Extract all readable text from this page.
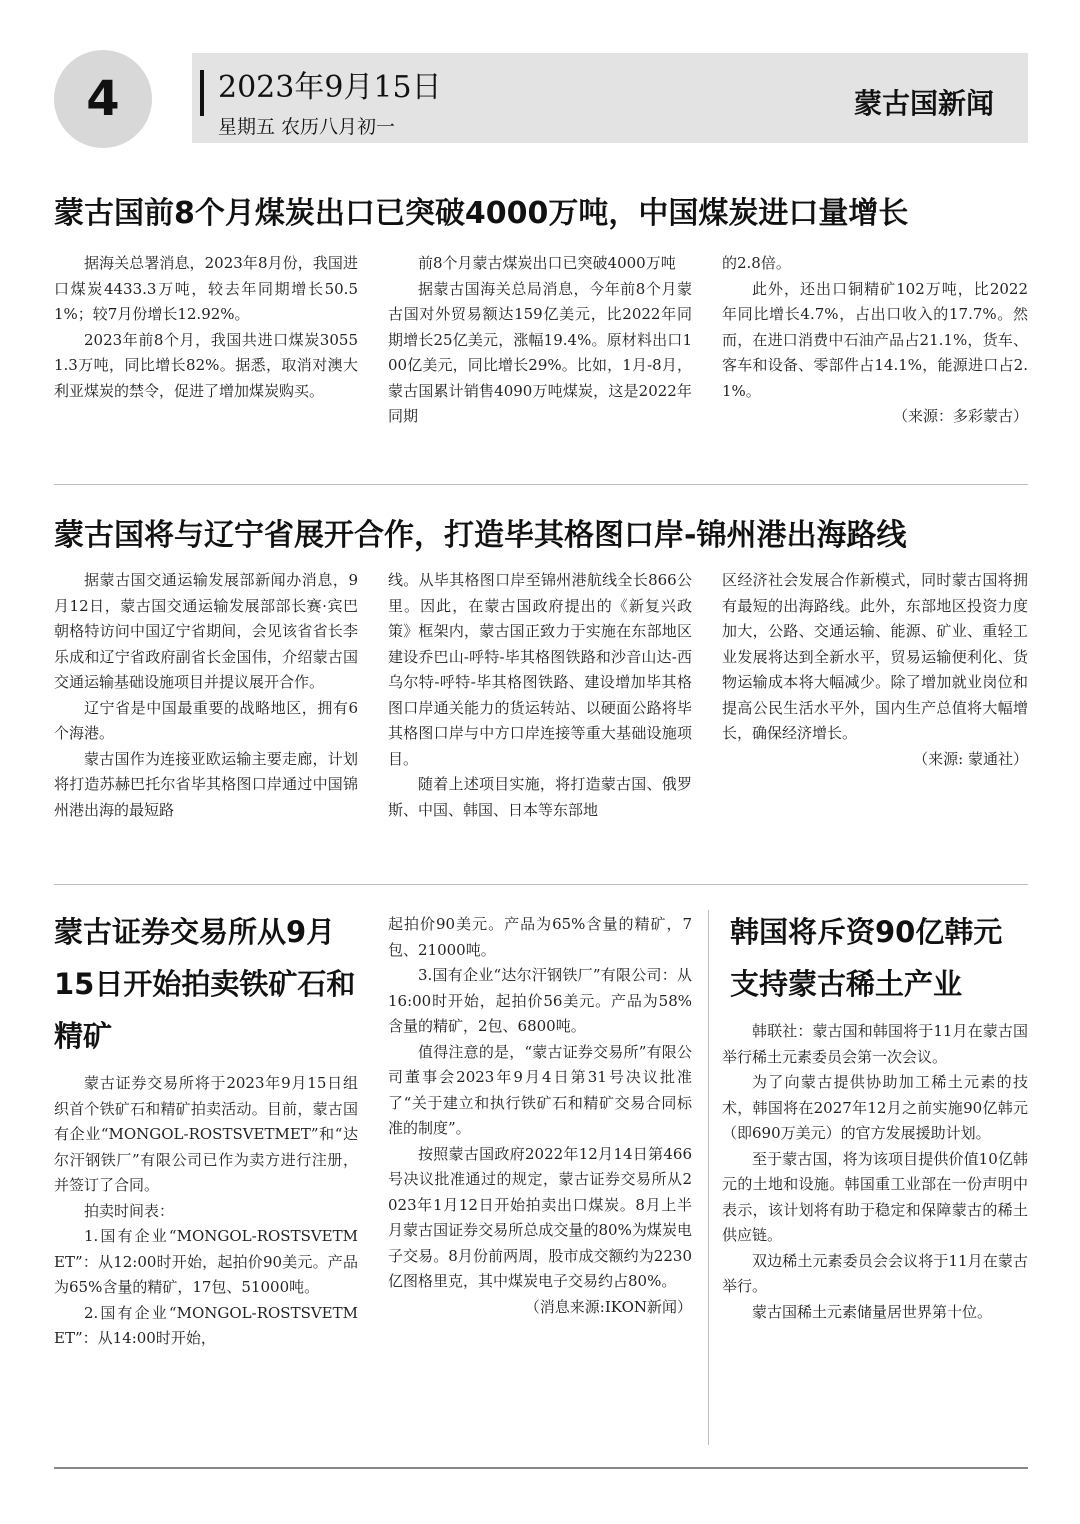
4	2023年9月15日
星期五 农历八月初一
蒙古国新闻
蒙古国前8个月煤炭出口已突破4000万吨，中国煤炭进口量增长

据海关总署消息，2023年8月份，我国进口煤炭4433.3万吨，较去年同期增长50.51%；较7月份增长12.92%。

2023年前8个月，我国共进口煤炭30551.3万吨，同比增长82%。据悉，取消对澳大利亚煤炭的禁令，促进了增加煤炭购买。

前8个月蒙古煤炭出口已突破4000万吨

据蒙古国海关总局消息，今年前8个月蒙古国对外贸易额达159亿美元，比2022年同期增长25亿美元，涨幅19.4%。原材料出口100亿美元，同比增长29%。比如，1月-8月，蒙古国累计销售4090万吨煤炭，这是2022年同期

的2.8倍。

此外，还出口铜精矿102万吨，比2022年同比增长4.7%，占出口收入的17.7%。然而，在进口消费中石油产品占21.1%，货车、客车和设备、零部件占14.1%，能源进口占2.1%。

（来源：多彩蒙古）

蒙古国将与辽宁省展开合作，打造毕其格图口岸-锦州港出海路线

据蒙古国交通运输发展部新闻办消息，9月12日，蒙古国交通运输发展部部长赛·宾巴朝格特访问中国辽宁省期间，会见该省省长李乐成和辽宁省政府副省长金国伟，介绍蒙古国交通运输基础设施项目并提议展开合作。

辽宁省是中国最重要的战略地区，拥有6个海港。

蒙古国作为连接亚欧运输主要走廊，计划将打造苏赫巴托尔省毕其格图口岸通过中国锦州港出海的最短路

线。从毕其格图口岸至锦州港航线全长866公里。因此，在蒙古国政府提出的《新复兴政策》框架内，蒙古国正致力于实施在东部地区建设乔巴山-呼特-毕其格图铁路和沙音山达-西乌尔特-呼特-毕其格图铁路、建设增加毕其格图口岸通关能力的货运转站、以硬面公路将毕其格图口岸与中方口岸连接等重大基础设施项目。

随着上述项目实施，将打造蒙古国、俄罗斯、中国、韩国、日本等东部地

区经济社会发展合作新模式，同时蒙古国将拥有最短的出海路线。此外，东部地区投资力度加大，公路、交通运输、能源、矿业、重轻工业发展将达到全新水平，贸易运输便利化、货物运输成本将大幅减少。除了增加就业岗位和提高公民生活水平外，国内生产总值将大幅增长，确保经济增长。

（来源: 蒙通社）

蒙古证券交易所从9月15日开始拍卖铁矿石和精矿

蒙古证券交易所将于2023年9月15日组织首个铁矿石和精矿拍卖活动。目前，蒙古国有企业“MONGOL-ROSTSVETMET”和“达尔汗钢铁厂”有限公司已作为卖方进行注册，并签订了合同。

拍卖时间表：

1.国有企业“MONGOL-ROSTSVETMET”：从12:00时开始，起拍价90美元。产品为65%含量的精矿，17包、51000吨。

2.国有企业“MONGOL-ROSTSVETMET”：从14:00时开始，

起拍价90美元。产品为65%含量的精矿，7包、21000吨。

3.国有企业“达尔汗钢铁厂”有限公司：从16:00时开始，起拍价56美元。产品为58%含量的精矿，2包、6800吨。

值得注意的是，“蒙古证券交易所”有限公司董事会2023年9月4日第31号决议批准了“关于建立和执行铁矿石和精矿交易合同标准的制度”。

按照蒙古国政府2022年12月14日第466号决议批准通过的规定，蒙古证券交易所从2023年1月12日开始拍卖出口煤炭。8月上半月蒙古国证券交易所总成交量的80%为煤炭电子交易。8月份前两周，股市成交额约为2230亿图格里克，其中煤炭电子交易约占80%。

（消息来源:IKON新闻）

韩国将斥资90亿韩元支持蒙古稀土产业

韩联社：蒙古国和韩国将于11月在蒙古国举行稀土元素委员会第一次会议。

为了向蒙古提供协助加工稀土元素的技术，韩国将在2027年12月之前实施90亿韩元（即690万美元）的官方发展援助计划。

至于蒙古国，将为该项目提供价值10亿韩元的土地和设施。韩国重工业部在一份声明中表示，该计划将有助于稳定和保障蒙古的稀土供应链。

双边稀土元素委员会会议将于11月在蒙古举行。

蒙古国稀土元素储量居世界第十位。
